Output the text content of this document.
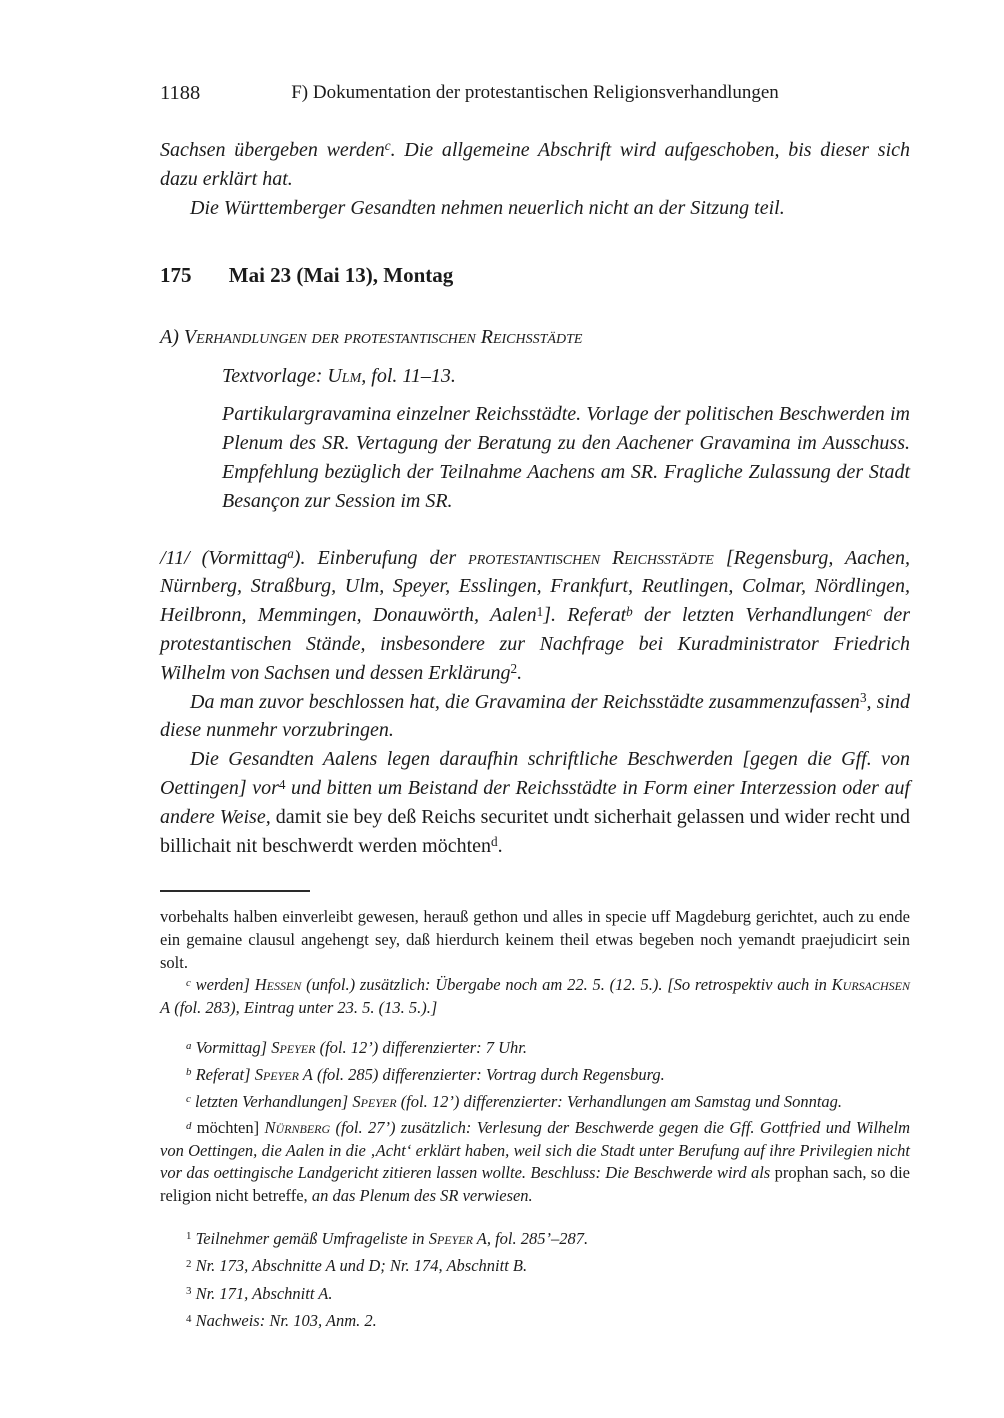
1188	F) Dokumentation der protestantischen Religionsverhandlungen

Sachsen übergeben werden$^c$. Die allgemeine Abschrift wird aufgeschoben, bis dieser sich dazu erklärt hat.

Die Württemberger Gesandten nehmen neuerlich nicht an der Sitzung teil.

175 Mai 23 (Mai 13), Montag
A) Verhandlungen der protestantischen Reichsstädte

Textvorlage: Ulm, fol. 11–13.

Partikulargravamina einzelner Reichsstädte. Vorlage der politischen Beschwerden im Plenum des SR. Vertagung der Beratung zu den Aachener Gravamina im Ausschuss. Empfehlung bezüglich der Teilnahme Aachens am SR. Fragliche Zulassung der Stadt Besançon zur Session im SR.

/11/ (Vormittag$^a$). Einberufung der protestantischen Reichsstädte [Regensburg, Aachen, Nürnberg, Straßburg, Ulm, Speyer, Esslingen, Frankfurt, Reutlingen, Colmar, Nördlingen, Heilbronn, Memmingen, Donauwörth, Aalen$^1$]. Referat$^b$ der letzten Verhandlungen$^c$ der protestantischen Stände, insbesondere zur Nachfrage bei Kuradministrator Friedrich Wilhelm von Sachsen und dessen Erklärung$^2$.

Da man zuvor beschlossen hat, die Gravamina der Reichsstädte zusammenzufassen$^3$, sind diese nunmehr vorzubringen.

Die Gesandten Aalens legen daraufhin schriftliche Beschwerden [gegen die Gff. von Oettingen] vor$^4$ und bitten um Beistand der Reichsstädte in Form einer Interzession oder auf andere Weise, damit sie bey deß Reichs securitet undt sicherhait gelassen und wider recht und billichait nit beschwerdt werden möchten$^d$.

vorbehalts halben einverleibt gewesen, herauß gethon und alles in specie uff Magdeburg gerichtet, auch zu ende ein gemaine clausul angehengt sey, daß hierdurch keinem theil etwas begeben noch yemandt praejudicirt sein solt.

$^c$ werden] Hessen (unfol.) zusätzlich: Übergabe noch am 22. 5. (12. 5.). [So retrospektiv auch in Kursachsen A (fol. 283), Eintrag unter 23. 5. (13. 5.).]

$^a$ Vormittag] Speyer (fol. 12’) differenzierter: 7 Uhr.

$^b$ Referat] Speyer A (fol. 285) differenzierter: Vortrag durch Regensburg.

$^c$ letzten Verhandlungen] Speyer (fol. 12’) differenzierter: Verhandlungen am Samstag und Sonntag.

$^d$ möchten] Nürnberg (fol. 27’) zusätzlich: Verlesung der Beschwerde gegen die Gff. Gottfried und Wilhelm von Oettingen, die Aalen in die ‚Acht‘ erklärt haben, weil sich die Stadt unter Berufung auf ihre Privilegien nicht vor das oettingische Landgericht zitieren lassen wollte. Beschluss: Die Beschwerde wird als prophan sach, so die religion nicht betreffe, an das Plenum des SR verwiesen.

$^1$ Teilnehmer gemäß Umfrageliste in Speyer A, fol. 285’–287.

$^2$ Nr. 173, Abschnitte A und D; Nr. 174, Abschnitt B.

$^3$ Nr. 171, Abschnitt A.

$^4$ Nachweis: Nr. 103, Anm. 2.
